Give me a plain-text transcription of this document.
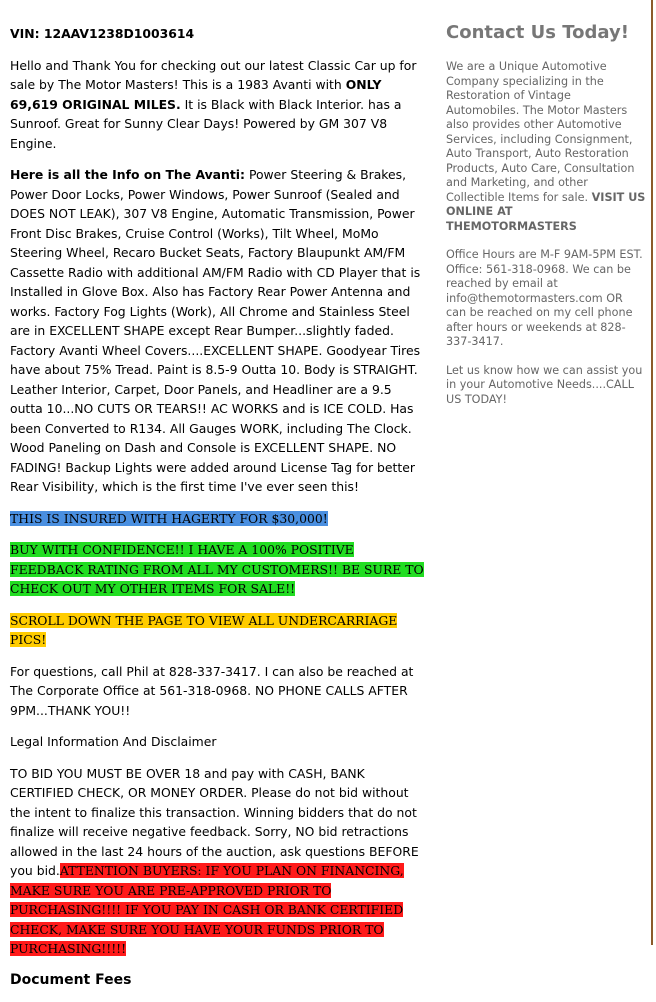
VIN: 12AAV1238D1003614

Hello and Thank You for checking out our latest Classic Car up for sale by The Motor Masters! This is a 1983 Avanti with ONLY 69,619 ORIGINAL MILES. It is Black with Black Interior. has a Sunroof. Great for Sunny Clear Days! Powered by GM 307 V8 Engine.

Here is all the Info on The Avanti: Power Steering & Brakes, Power Door Locks, Power Windows, Power Sunroof (Sealed and DOES NOT LEAK), 307 V8 Engine, Automatic Transmission, Power Front Disc Brakes, Cruise Control (Works), Tilt Wheel, MoMo Steering Wheel, Recaro Bucket Seats, Factory Blaupunkt AM/FM Cassette Radio with additional AM/FM Radio with CD Player that is Installed in Glove Box. Also has Factory Rear Power Antenna and works. Factory Fog Lights (Work), All Chrome and Stainless Steel are in EXCELLENT SHAPE except Rear Bumper...slightly faded. Factory Avanti Wheel Covers....EXCELLENT SHAPE. Goodyear Tires have about 75% Tread. Paint is 8.5-9 Outta 10. Body is STRAIGHT. Leather Interior, Carpet, Door Panels, and Headliner are a 9.5 outta 10...NO CUTS OR TEARS!! AC WORKS and is ICE COLD. Has been Converted to R134. All Gauges WORK, including The Clock. Wood Paneling on Dash and Console is EXCELLENT SHAPE. NO FADING! Backup Lights were added around License Tag for better Rear Visibility, which is the first time I've ever seen this!

THIS IS INSURED WITH HAGERTY FOR $30,000!

BUY WITH CONFIDENCE!! I HAVE A 100% POSITIVE FEEDBACK RATING FROM ALL MY CUSTOMERS!! BE SURE TO CHECK OUT MY OTHER ITEMS FOR SALE!!

SCROLL DOWN THE PAGE TO VIEW ALL UNDERCARRIAGE PICS!

For questions, call Phil at 828-337-3417. I can also be reached at The Corporate Office at 561-318-0968. NO PHONE CALLS AFTER 9PM...THANK YOU!!

Legal Information And Disclaimer

TO BID YOU MUST BE OVER 18 and pay with CASH, BANK CERTIFIED CHECK, OR MONEY ORDER. Please do not bid without the intent to finalize this transaction. Winning bidders that do not finalize will receive negative feedback. Sorry, NO bid retractions allowed in the last 24 hours of the auction, ask questions BEFORE you bid.ATTENTION BUYERS: IF YOU PLAN ON FINANCING, MAKE SURE YOU ARE PRE-APPROVED PRIOR TO PURCHASING!!!! IF YOU PAY IN CASH OR BANK CERTIFIED CHECK, MAKE SURE YOU HAVE YOUR FUNDS PRIOR TO PURCHASING!!!!!

Document Fees

Contact Us Today!

We are a Unique Automotive Company specializing in the Restoration of Vintage Automobiles. The Motor Masters also provides other Automotive Services, including Consignment, Auto Transport, Auto Restoration Products, Auto Care, Consultation and Marketing, and other Collectible Items for sale. VISIT US ONLINE AT THEMOTORMASTERS

Office Hours are M-F 9AM-5PM EST. Office: 561-318-0968. We can be reached by email at info@themotormasters.com OR can be reached on my cell phone after hours or weekends at 828-337-3417.

Let us know how we can assist you in your Automotive Needs....CALL US TODAY!
